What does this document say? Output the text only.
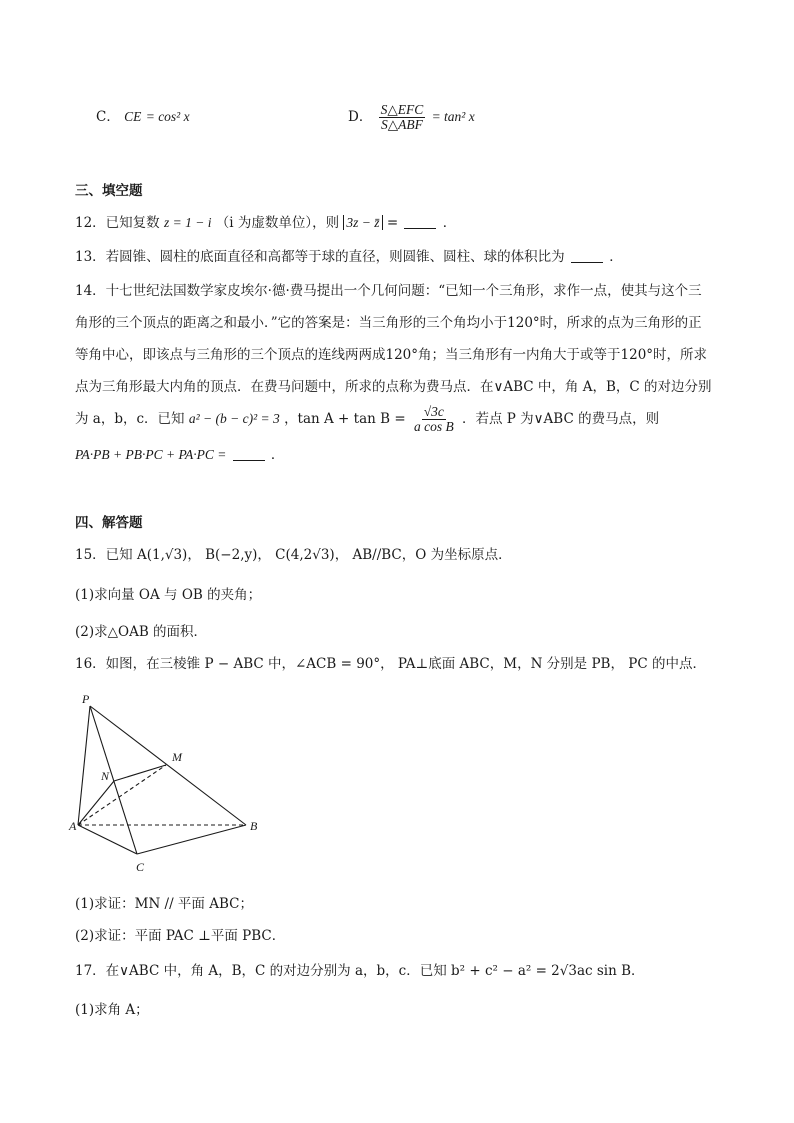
C． CE = cos² x	D． $\frac{\text{S△EFC}}{\text{S△ABF}} = \tan^2$ x
三、填空题
12．已知复数 z = 1 − i （i 为虚数单位），则 3z − z̄ =	．
13．若圆锥、圆柱的底面直径和高都等于球的直径，则圆锥、圆柱、球的体积比为	．
14．十七世纪法国数学家皮埃尔·德·费马提出一个几何问题：“已知一个三角形，求作一点，使其与这个三
角形的三个顶点的距离之和最小．”它的答案是：当三角形的三个角均小于120°时，所求的点为三角形的正
等角中心，即该点与三角形的三个顶点的连线两两成120°角；当三角形有一内角大于或等于120°时，所求
点为三角形最大内角的顶点．在费马问题中，所求的点称为费马点．在∨ABC 中，角 A，B，C 的对边分别
为 a，b，c．已知 a² − (b − c)² = 3 ，$\tan A + \tan B = \frac{√3c}{\text{a cos B}}$ ．若点 P 为∨ABC 的费马点，则
PA·PB + PB·PC + PA·PC =	．
四、解答题
15．已知 A(1,√3)， B(−2,y)， C(4,2√3)， AB//BC，O 为坐标原点．
(1)求向量 OA 与 OB 的夹角；
(2)求△OAB 的面积．
16．如图，在三棱锥 P − ABC 中，∠ACB = 90°， PA⊥底面 ABC，M，N 分别是 PB， PC 的中点．
P
M
N
A	B
C
(1)求证：MN // 平面 ABC；
(2)求证：平面 PAC ⊥平面 PBC．
17．在∨ABC 中，角 A，B，C 的对边分别为 a，b，c．已知 b² + c² − a² = 2√3ac sin B．
(1)求角 A；
